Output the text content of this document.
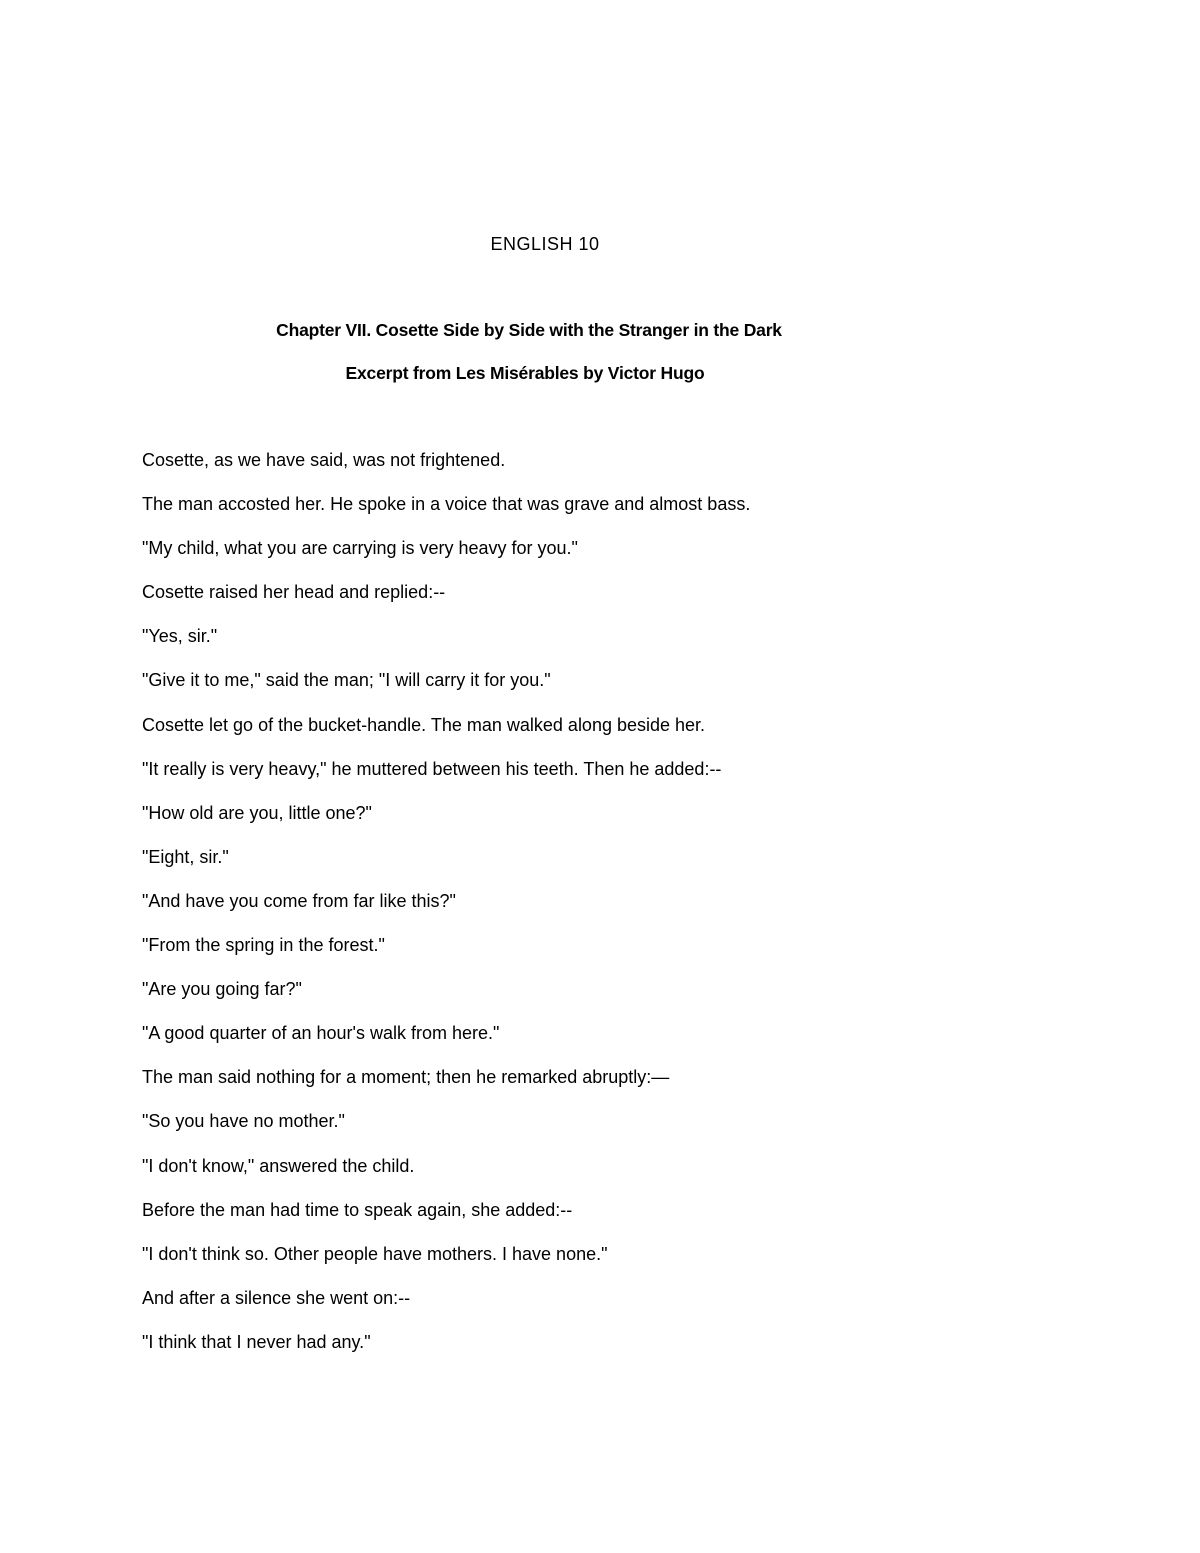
ENGLISH 10
Chapter VII. Cosette Side by Side with the Stranger in the Dark
Excerpt from Les Misérables by Victor Hugo
Cosette, as we have said, was not frightened.
The man accosted her. He spoke in a voice that was grave and almost bass.
"My child, what you are carrying is very heavy for you."
Cosette raised her head and replied:--
"Yes, sir."
"Give it to me," said the man; "I will carry it for you."
Cosette let go of the bucket-handle. The man walked along beside her.
"It really is very heavy," he muttered between his teeth. Then he added:--
"How old are you, little one?"
"Eight, sir."
"And have you come from far like this?"
"From the spring in the forest."
"Are you going far?"
"A good quarter of an hour's walk from here."
The man said nothing for a moment; then he remarked abruptly:—
"So you have no mother."
"I don't know," answered the child.
Before the man had time to speak again, she added:--
"I don't think so. Other people have mothers. I have none."
And after a silence she went on:--
"I think that I never had any."
